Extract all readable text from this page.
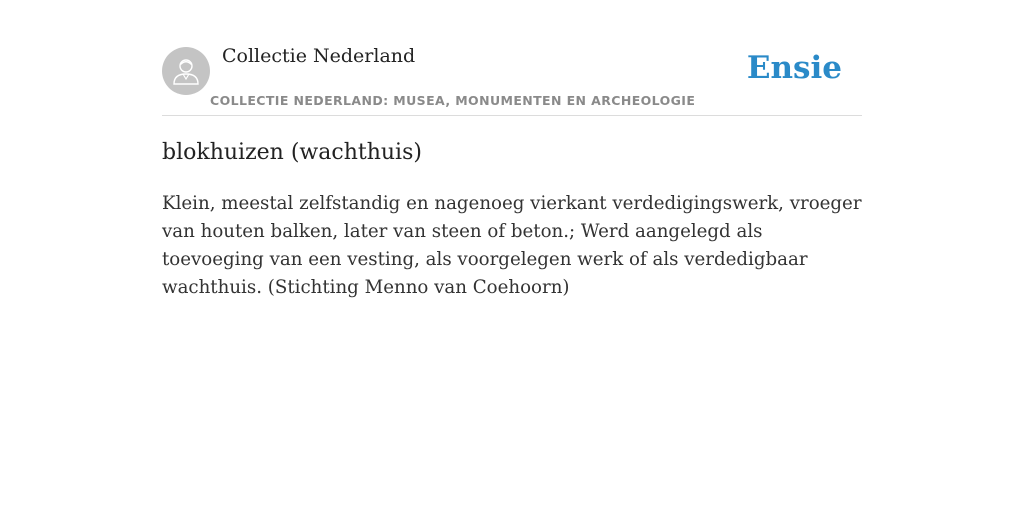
Collectie Nederland
COLLECTIE NEDERLAND: MUSEA, MONUMENTEN EN ARCHEOLOGIE
Ensie
blokhuizen (wachthuis)

Klein, meestal zelfstandig en nagenoeg vierkant verdedigingswerk, vroeger van houten balken, later van steen of beton.; Werd aangelegd als toevoeging van een vesting, als voorgelegen werk of als verdedigbaar wachthuis. (Stichting Menno van Coehoorn)
